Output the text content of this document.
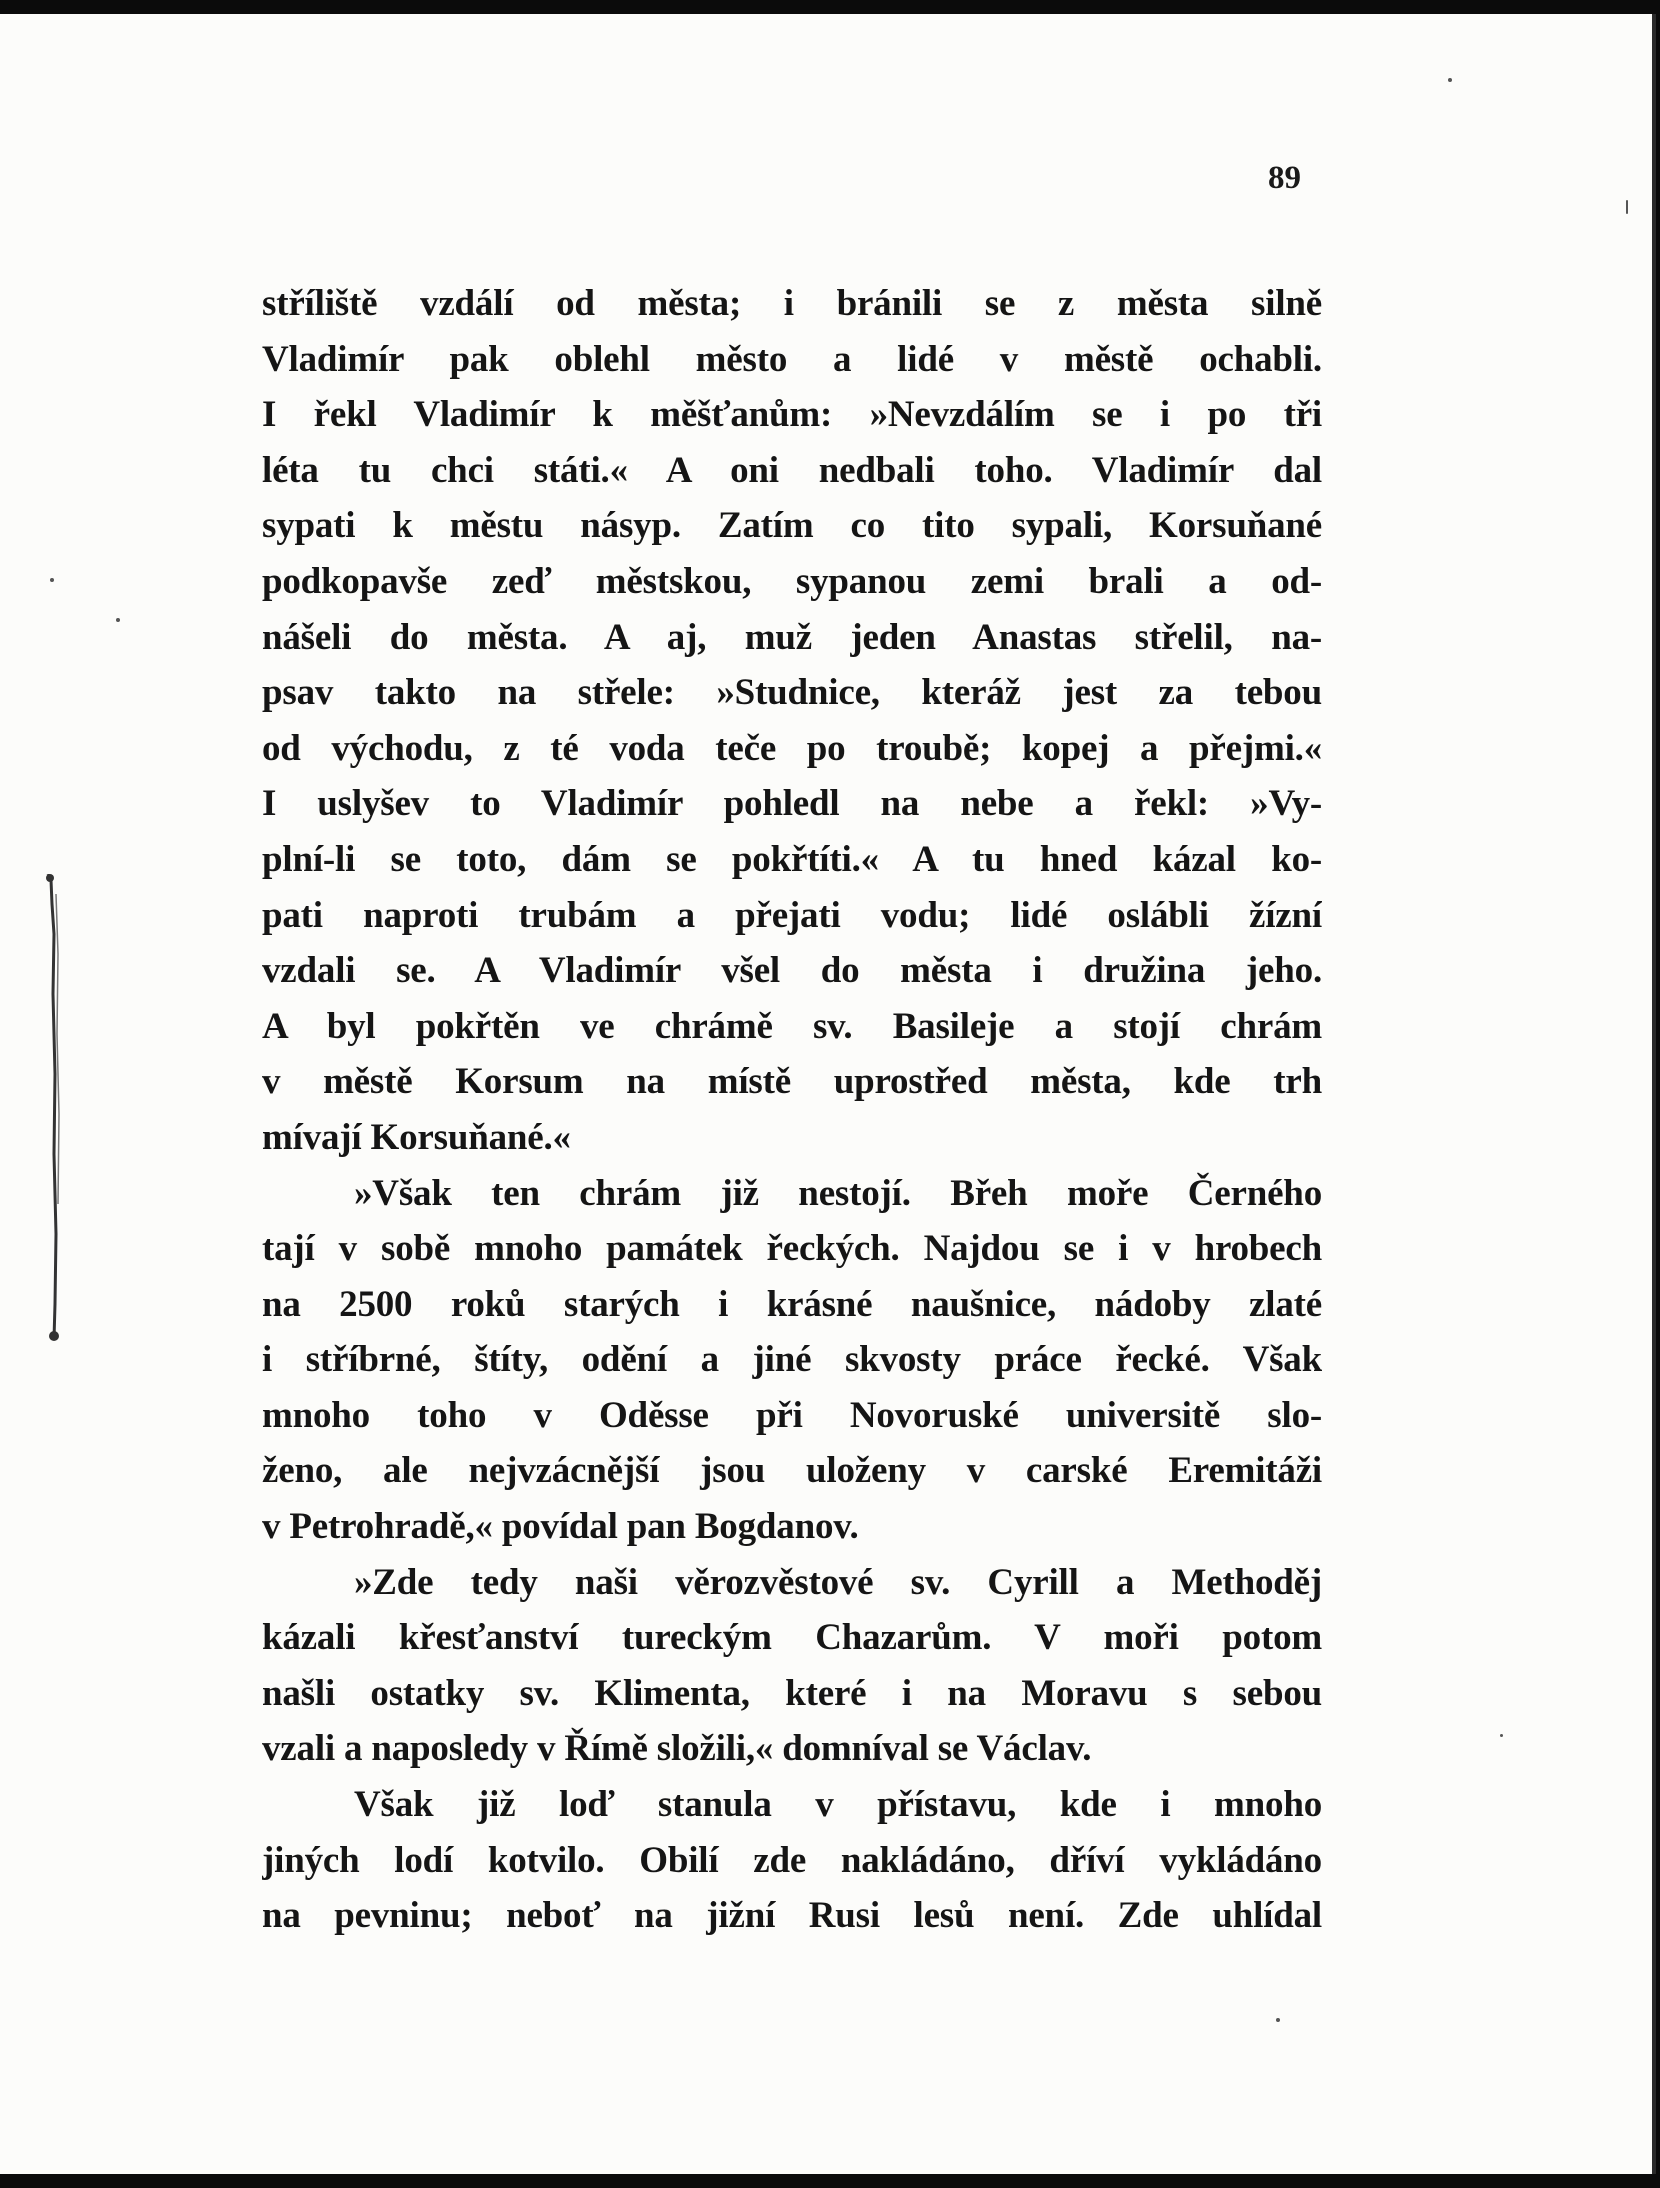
89
stříliště vzdálí od města; i bránili se z města silně
Vladimír pak oblehl město a lidé v městě ochabli.
I řekl Vladimír k měšťanům: »Nevzdálím se i po tři
léta tu chci státi.« A oni nedbali toho. Vladimír dal
sypati k městu násyp. Zatím co tito sypali, Korsuňané
podkopavše zeď městskou, sypanou zemi brali a od-
nášeli do města. A aj, muž jeden Anastas střelil, na-
psav takto na střele: »Studnice, kteráž jest za tebou
od východu, z té voda teče po troubě; kopej a přejmi.«
I uslyšev to Vladimír pohledl na nebe a řekl: »Vy-
plní-li se toto, dám se pokřtíti.« A tu hned kázal ko-
pati naproti trubám a přejati vodu; lidé oslábli žízní
vzdali se. A Vladimír všel do města i družina jeho.
A byl pokřtěn ve chrámě sv. Basileje a stojí chrám
v městě Korsum na místě uprostřed města, kde trh
mívají Korsuňané.«
»Však ten chrám již nestojí. Břeh moře Černého
tají v sobě mnoho památek řeckých. Najdou se i v hrobech
na 2500 roků starých i krásné naušnice, nádoby zlaté
i stříbrné, štíty, odění a jiné skvosty práce řecké. Však
mnoho toho v Oděsse při Novoruské universitě slo-
ženo, ale nejvzácnější jsou uloženy v carské Eremitáži
v Petrohradě,« povídal pan Bogdanov.
»Zde tedy naši věrozvěstové sv. Cyrill a Methoděj
kázali křesťanství tureckým Chazarům. V moři potom
našli ostatky sv. Klimenta, které i na Moravu s sebou
vzali a naposledy v Římě složili,« domníval se Václav.
Však již loď stanula v přístavu, kde i mnoho
jiných lodí kotvilo. Obilí zde nakládáno, dříví vykládáno
na pevninu; neboť na jižní Rusi lesů není. Zde uhlídal
